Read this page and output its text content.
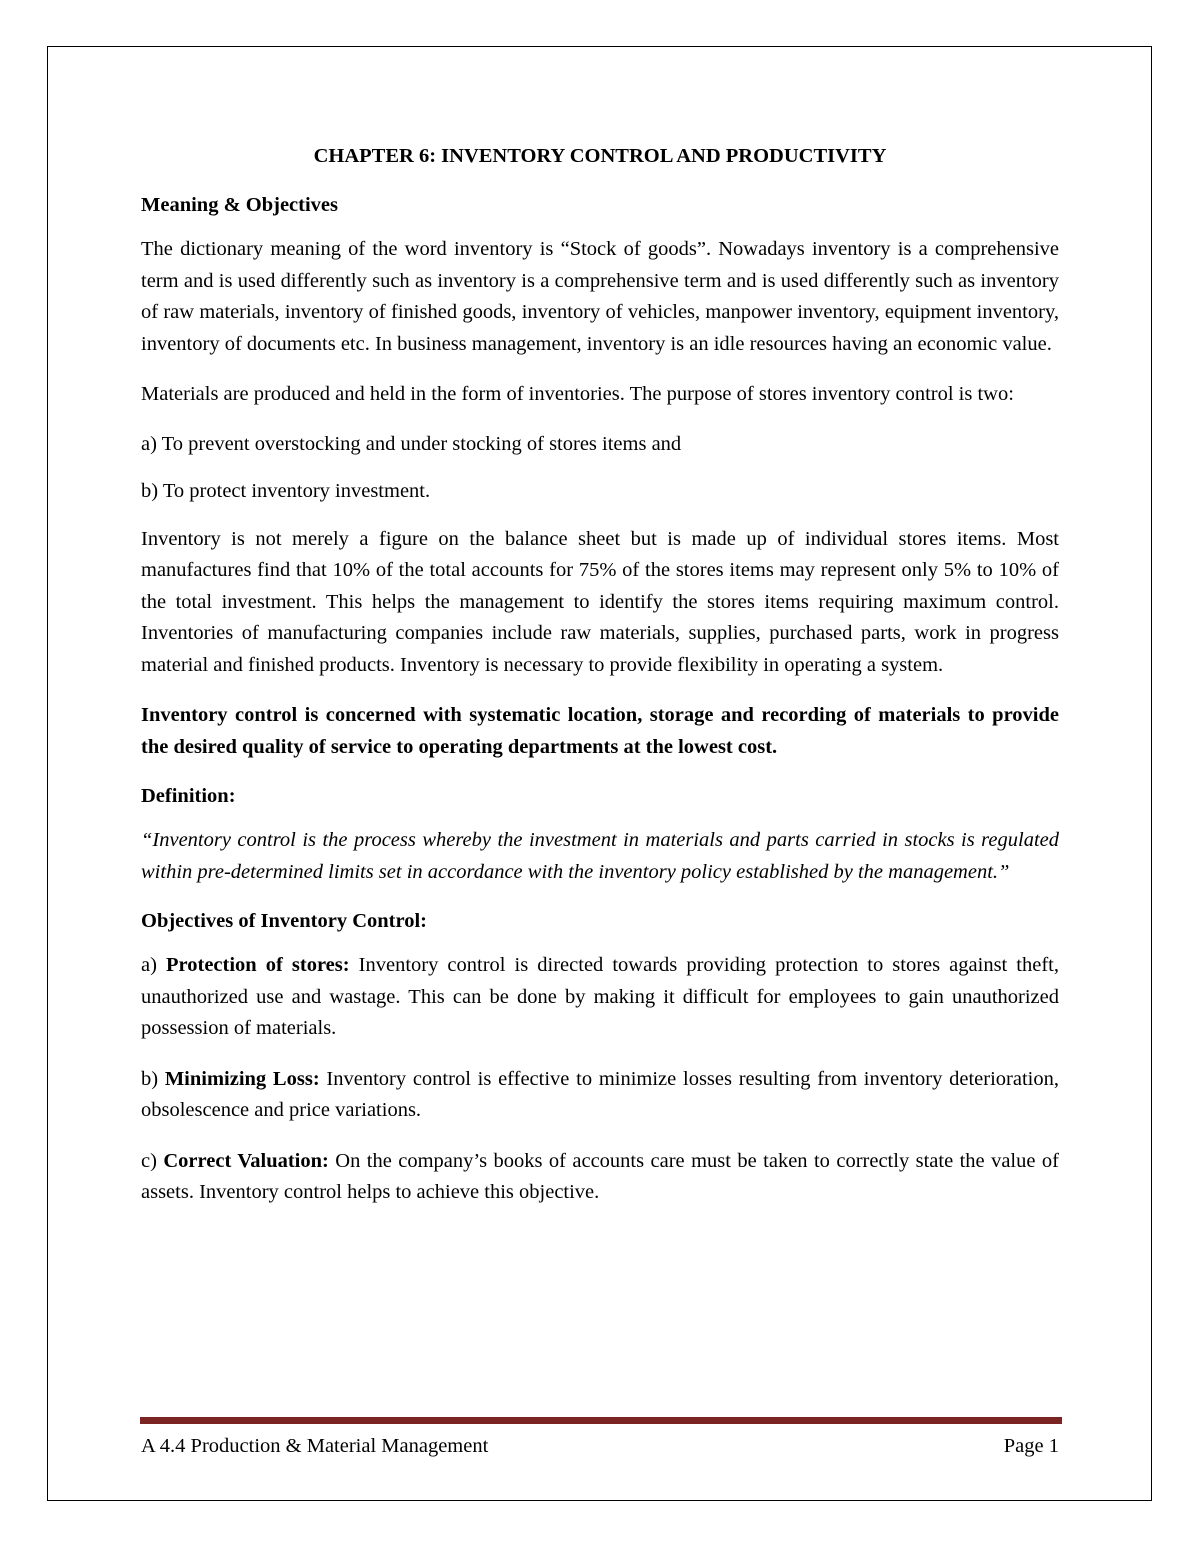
CHAPTER 6: INVENTORY CONTROL AND PRODUCTIVITY
Meaning & Objectives

The dictionary meaning of the word inventory is “Stock of goods”. Nowadays inventory is a comprehensive term and is used differently such as inventory is a comprehensive term and is used differently such as inventory of raw materials, inventory of finished goods, inventory of vehicles, manpower inventory, equipment inventory, inventory of documents etc. In business management, inventory is an idle resources having an economic value.

Materials are produced and held in the form of inventories. The purpose of stores inventory control is two:

a) To prevent overstocking and under stocking of stores items and

b) To protect inventory investment.

Inventory is not merely a figure on the balance sheet but is made up of individual stores items. Most manufactures find that 10% of the total accounts for 75% of the stores items may represent only 5% to 10% of the total investment. This helps the management to identify the stores items requiring maximum control. Inventories of manufacturing companies include raw materials, supplies, purchased parts, work in progress material and finished products. Inventory is necessary to provide flexibility in operating a system.

Inventory control is concerned with systematic location, storage and recording of materials to provide the desired quality of service to operating departments at the lowest cost.

Definition:

“Inventory control is the process whereby the investment in materials and parts carried in stocks is regulated within pre-determined limits set in accordance with the inventory policy established by the management.”

Objectives of Inventory Control:

a) Protection of stores: Inventory control is directed towards providing protection to stores against theft, unauthorized use and wastage. This can be done by making it difficult for employees to gain unauthorized possession of materials.

b) Minimizing Loss: Inventory control is effective to minimize losses resulting from inventory deterioration, obsolescence and price variations.

c) Correct Valuation: On the company’s books of accounts care must be taken to correctly state the value of assets. Inventory control helps to achieve this objective.

A 4.4 Production & Material Management	Page 1
